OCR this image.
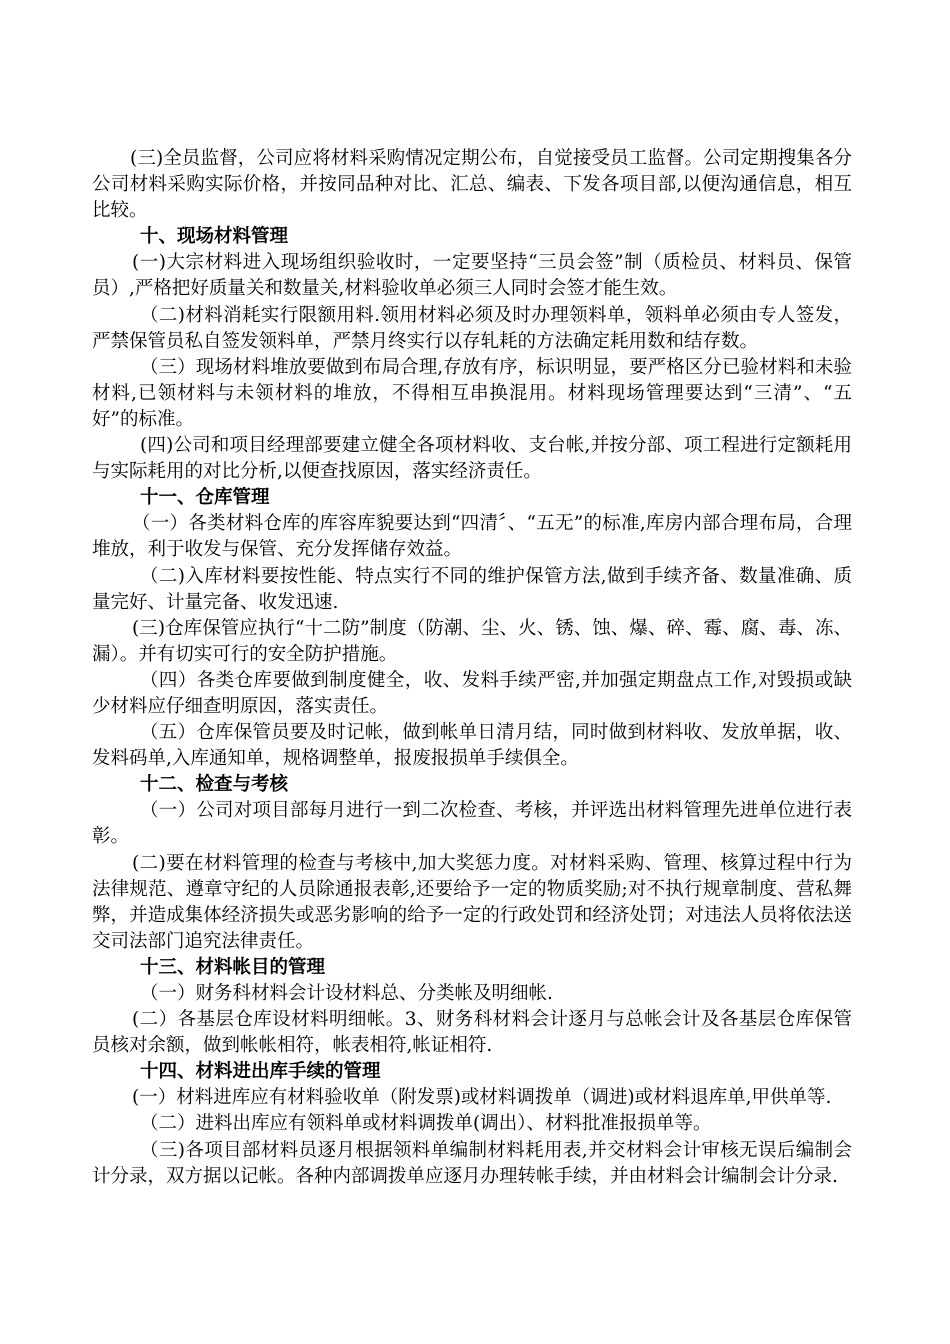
(三)全员监督，公司应将材料采购情况定期公布，自觉接受员工监督。公司定期搜集各分公司材料采购实际价格，并按同品种对比、汇总、编表、下发各项目部,以便沟通信息，相互比较。

十、现场材料管理

(一)大宗材料进入现场组织验收时，一定要坚持“三员会签”制（质检员、材料员、保管员）,严格把好质量关和数量关,材料验收单必须三人同时会签才能生效。

（二)材料消耗实行限额用料.领用材料必须及时办理领料单，领料单必须由专人签发，严禁保管员私自签发领料单，严禁月终实行以存轧耗的方法确定耗用数和结存数。

（三）现场材料堆放要做到布局合理,存放有序，标识明显，要严格区分已验材料和未验材料,已领材料与未领材料的堆放，不得相互串换混用。材料现场管理要达到“三清”、“五好”的标准。

(四)公司和项目经理部要建立健全各项材料收、支台帐,并按分部、项工程进行定额耗用与实际耗用的对比分析,以便查找原因，落实经济责任。

十一、仓库管理

（一）各类材料仓库的库容库貌要达到“四清〞、“五无”的标准,库房内部合理布局，合理堆放，利于收发与保管、充分发挥储存效益。

（二)入库材料要按性能、特点实行不同的维护保管方法,做到手续齐备、数量准确、质量完好、计量完备、收发迅速.

(三)仓库保管应执行“十二防”制度（防潮、尘、火、锈、蚀、爆、碎、霉、腐、毒、冻、漏）。并有切实可行的安全防护措施。

（四）各类仓库要做到制度健全，收、发料手续严密,并加强定期盘点工作,对毁损或缺少材料应仔细查明原因，落实责任。

（五）仓库保管员要及时记帐，做到帐单日清月结，同时做到材料收、发放单据，收、发料码单,入库通知单，规格调整单，报废报损单手续俱全。

十二、检查与考核

（一）公司对项目部每月进行一到二次检查、考核，并评选出材料管理先进单位进行表彰。

(二)要在材料管理的检查与考核中,加大奖惩力度。对材料采购、管理、核算过程中行为法律规范、遵章守纪的人员除通报表彰,还要给予一定的物质奖励;对不执行规章制度、营私舞弊，并造成集体经济损失或恶劣影响的给予一定的行政处罚和经济处罚；对违法人员将依法送交司法部门追究法律责任。

十三、材料帐目的管理

（一）财务科材料会计设材料总、分类帐及明细帐.

(二）各基层仓库设材料明细帐。3、财务科材料会计逐月与总帐会计及各基层仓库保管员核对余额，做到帐帐相符，帐表相符,帐证相符.

十四、材料进出库手续的管理

(一）材料进库应有材料验收单（附发票)或材料调拨单（调进)或材料退库单,甲供单等.

（二）进料出库应有领料单或材料调拨单(调出）、材料批准报损单等。

（三)各项目部材料员逐月根据领料单编制材料耗用表,并交材料会计审核无误后编制会计分录，双方据以记帐。各种内部调拨单应逐月办理转帐手续，并由材料会计编制会计分录.
